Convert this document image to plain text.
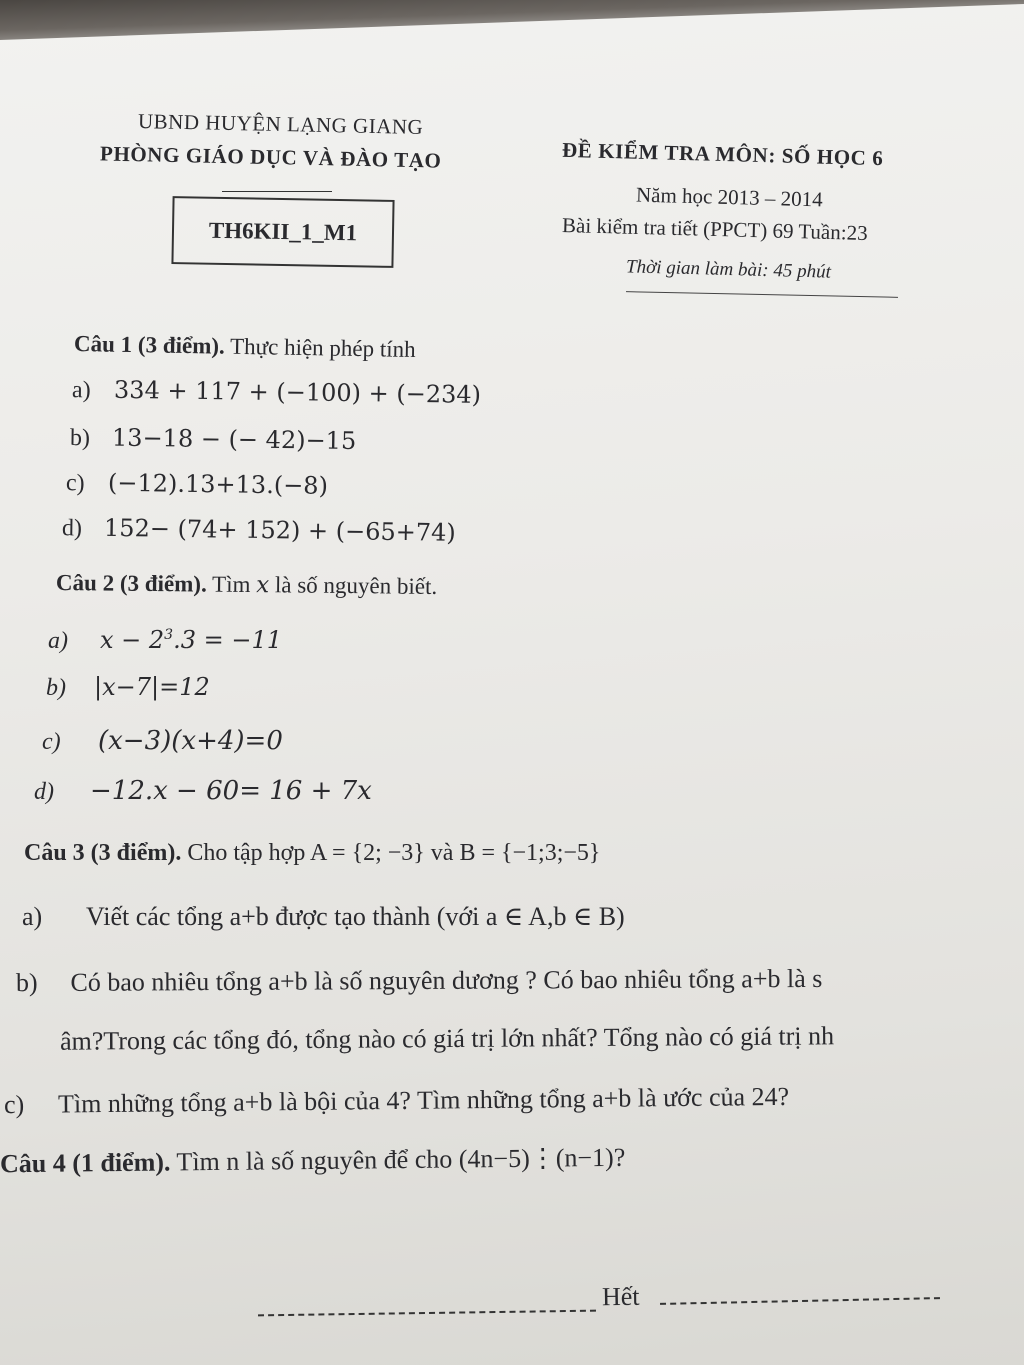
UBND HUYỆN LẠNG GIANG
PHÒNG GIÁO DỤC VÀ ĐÀO TẠO
TH6KII_1_M1
ĐỀ KIỂM TRA MÔN: SỐ HỌC 6
Năm học 2013 – 2014
Bài kiểm tra tiết (PPCT) 69 Tuần:23
Thời gian làm bài: 45 phút
Câu 1 (3 điểm). Thực hiện phép tính
a) 334 + 117 + (−100) + (−234)
b) 13−18 − (− 42)−15
c) (−12).13+13.(−8)
d) 152− (74+ 152) + (−65+74)
Câu 2 (3 điểm). Tìm x là số nguyên biết.
a) $x - 2^3.3 = -11$
b) |x−7|=12
c) (x−3)(x+4)=0
d) −12.x − 60= 16 + 7x
Câu 3 (3 điểm). Cho tập hợp A = {2; −3} và B = {−1;3;−5}
a) Viết các tổng a+b được tạo thành (với a ∈ A,b ∈ B)
b) Có bao nhiêu tổng a+b là số nguyên dương ? Có bao nhiêu tổng a+b là s
âm?Trong các tổng đó, tổng nào có giá trị lớn nhất? Tổng nào có giá trị nh
c) Tìm những tổng a+b là bội của 4? Tìm những tổng a+b là ước của 24?
Câu 4 (1 điểm). Tìm n là số nguyên để cho (4n−5)⋮(n−1)?
Hết
